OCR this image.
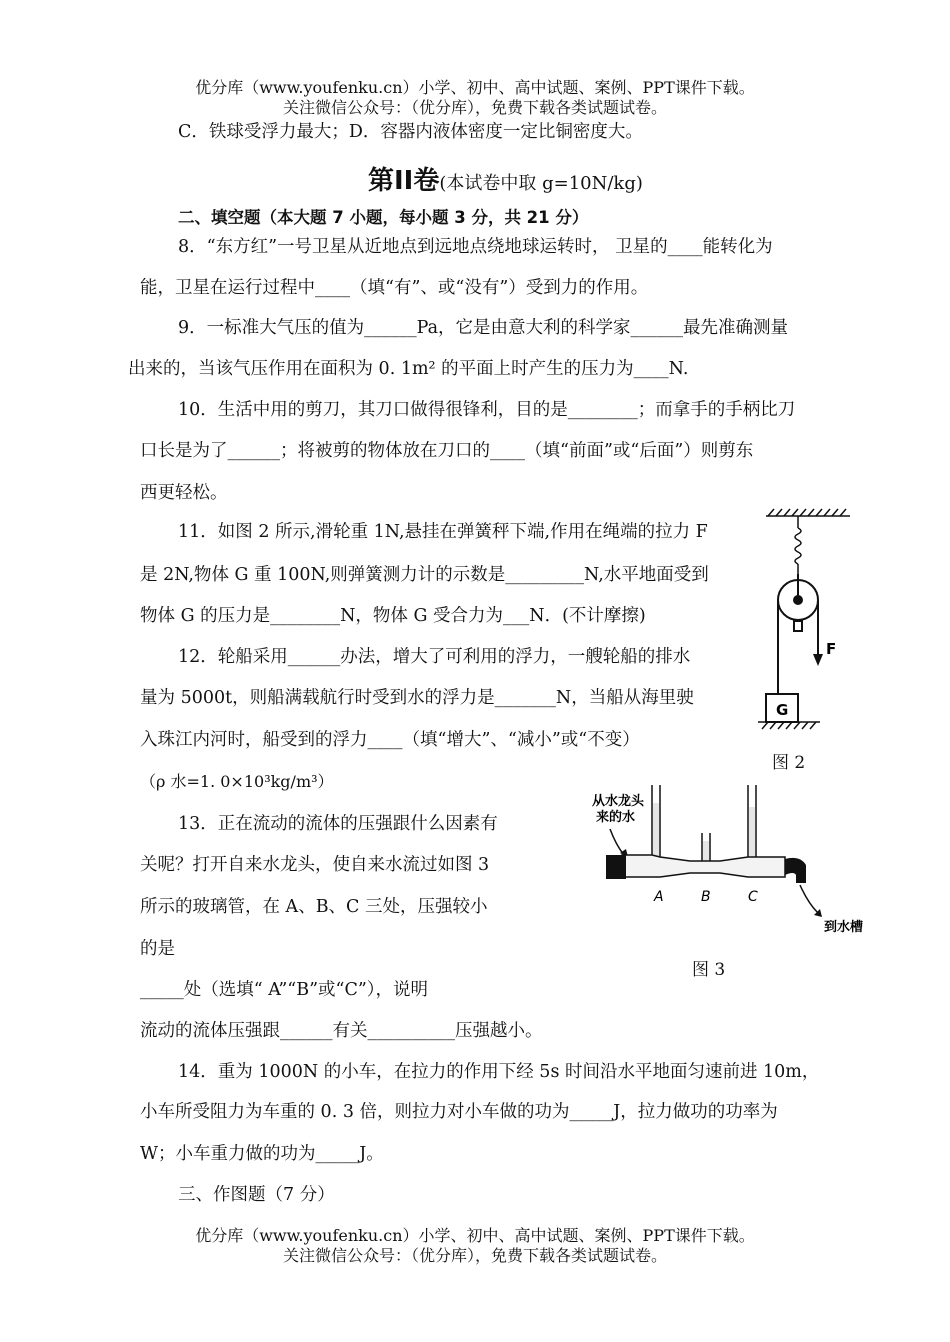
优分库（www.youfenku.cn）小学、初中、高中试题、案例、PPT课件下载。
关注微信公众号：（优分库），免费下载各类试题试卷。
C．铁球受浮力最大；D．容器内液体密度一定比铜密度大。
第II卷(本试卷中取 g=10N/kg)
二、填空题（本大题 7 小题，每小题 3 分，共 21 分）
8．“东方红”一号卫星从近地点到远地点绕地球运转时， 卫星的____能转化为
能，卫星在运行过程中____（填“有”、或“没有”）受到力的作用。
9．一标准大气压的值为______Pa，它是由意大利的科学家______最先准确测量
出来的，当该气压作用在面积为 0. 1m² 的平面上时产生的压力为____N.
10．生活中用的剪刀，其刀口做得很锋利，目的是________；而拿手的手柄比刀
口长是为了______；将被剪的物体放在刀口的____（填“前面”或“后面”）则剪东
西更轻松。
11．如图 2 所示,滑轮重 1N,悬挂在弹簧秤下端,作用在绳端的拉力 F
是 2N,物体 G 重 100N,则弹簧测力计的示数是_________N,水平地面受到
物体 G 的压力是________N，物体 G 受合力为___N．(不计摩擦)
12．轮船采用______办法，增大了可利用的浮力，一艘轮船的排水
量为 5000t，则船满载航行时受到水的浮力是_______N，当船从海里驶
入珠江内河时，船受到的浮力____（填“增大”、“减小”或“不变）
（ρ 水=1. 0×10³kg/m³）
13．正在流动的流体的压强跟什么因素有
关呢？打开自来水龙头，使自来水流过如图 3
所示的玻璃管，在 A、B、C 三处，压强较小
的是
_____处（选填“ A”“B”或“C”），说明
流动的流体压强跟______有关__________压强越小。
14．重为 1000N 的小车，在拉力的作用下经 5s 时间沿水平地面匀速前进 10m，
小车所受阻力为车重的 0. 3 倍，则拉力对小车做的功为_____J，拉力做功的功率为
W；小车重力做的功为_____J。
三、作图题（7 分）
优分库（www.youfenku.cn）小学、初中、高中试题、案例、PPT课件下载。
关注微信公众号：（优分库），免费下载各类试题试卷。
F
G
图 2
从水龙头
来的水
A	B	C
到水槽
图 3
